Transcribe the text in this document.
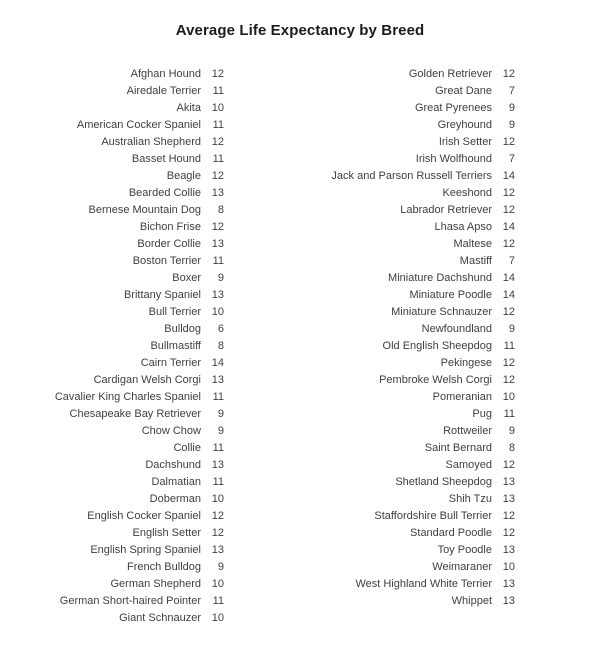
Average Life Expectancy by Breed
Afghan Hound 12
Airedale Terrier	11
Akita 10
American Cocker Spaniel	11
Australian Shepherd 12
Basset Hound	11
Beagle 12
Bearded Collie 13
Bernese Mountain Dog	8
Bichon Frise 12
Border Collie 13
Boston Terrier	11
Boxer	9
Brittany Spaniel 13
Bull Terrier 10
Bulldog	6
Bullmastiff	8
Cairn Terrier 14
Cardigan Welsh Corgi 13
Cavalier King Charles Spaniel	11
Chesapeake Bay Retriever	9
Chow Chow	9
Collie	11
Dachshund 13
Dalmatian	11
Doberman 10
English Cocker Spaniel 12
English Setter 12
English Spring Spaniel 13
French Bulldog	9
German Shepherd 10
German Short-haired Pointer	11
Giant Schnauzer 10
Golden Retriever 12
Great Dane	7
Great Pyrenees	9
Greyhound	9
Irish Setter 12
Irish Wolfhound	7
Jack and Parson Russell Terriers 14
Keeshond 12
Labrador Retriever 12
Lhasa Apso 14
Maltese 12
Mastiff	7
Miniature Dachshund 14
Miniature Poodle 14
Miniature Schnauzer 12
Newfoundland	9
Old English Sheepdog	11
Pekingese 12
Pembroke Welsh Corgi 12
Pomeranian 10
Pug	11
Rottweiler	9
Saint Bernard	8
Samoyed 12
Shetland Sheepdog 13
Shih Tzu 13
Staffordshire Bull Terrier 12
Standard Poodle 12
Toy Poodle 13
Weimaraner 10
West Highland White Terrier 13
Whippet 13
